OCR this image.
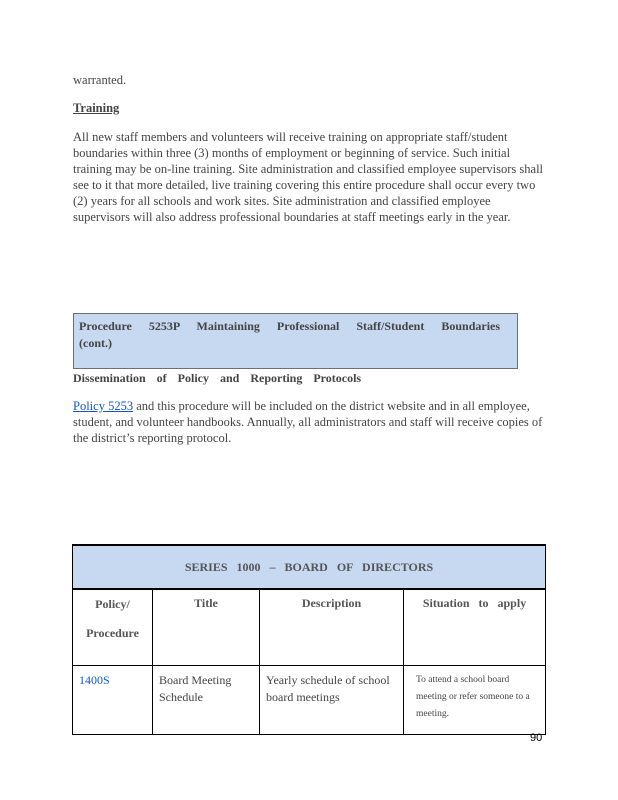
warranted.
Training
All new staff members and volunteers will receive training on appropriate staff/student boundaries within three (3) months of employment or beginning of service. Such initial training may be on-line training. Site administration and classified employee supervisors shall see to it that more detailed, live training covering this entire procedure shall occur every two (2) years for all schools and work sites. Site administration and classified employee supervisors will also address professional boundaries at staff meetings early in the year.
Procedure 5253P Maintaining Professional Staff/Student Boundaries
(cont.)
Dissemination of Policy and Reporting Protocols
Policy 5253 and this procedure will be included on the district website and in all employee, student, and volunteer handbooks. Annually, all administrators and staff will receive copies of the district’s reporting protocol.
SERIES 1000 – BOARD OF DIRECTORS			

Policy/
Procedure	Title	Description	Situation to apply
1400S	Board Meeting Schedule	Yearly schedule of school board meetings	To attend a school board meeting or refer someone to a meeting.
90
